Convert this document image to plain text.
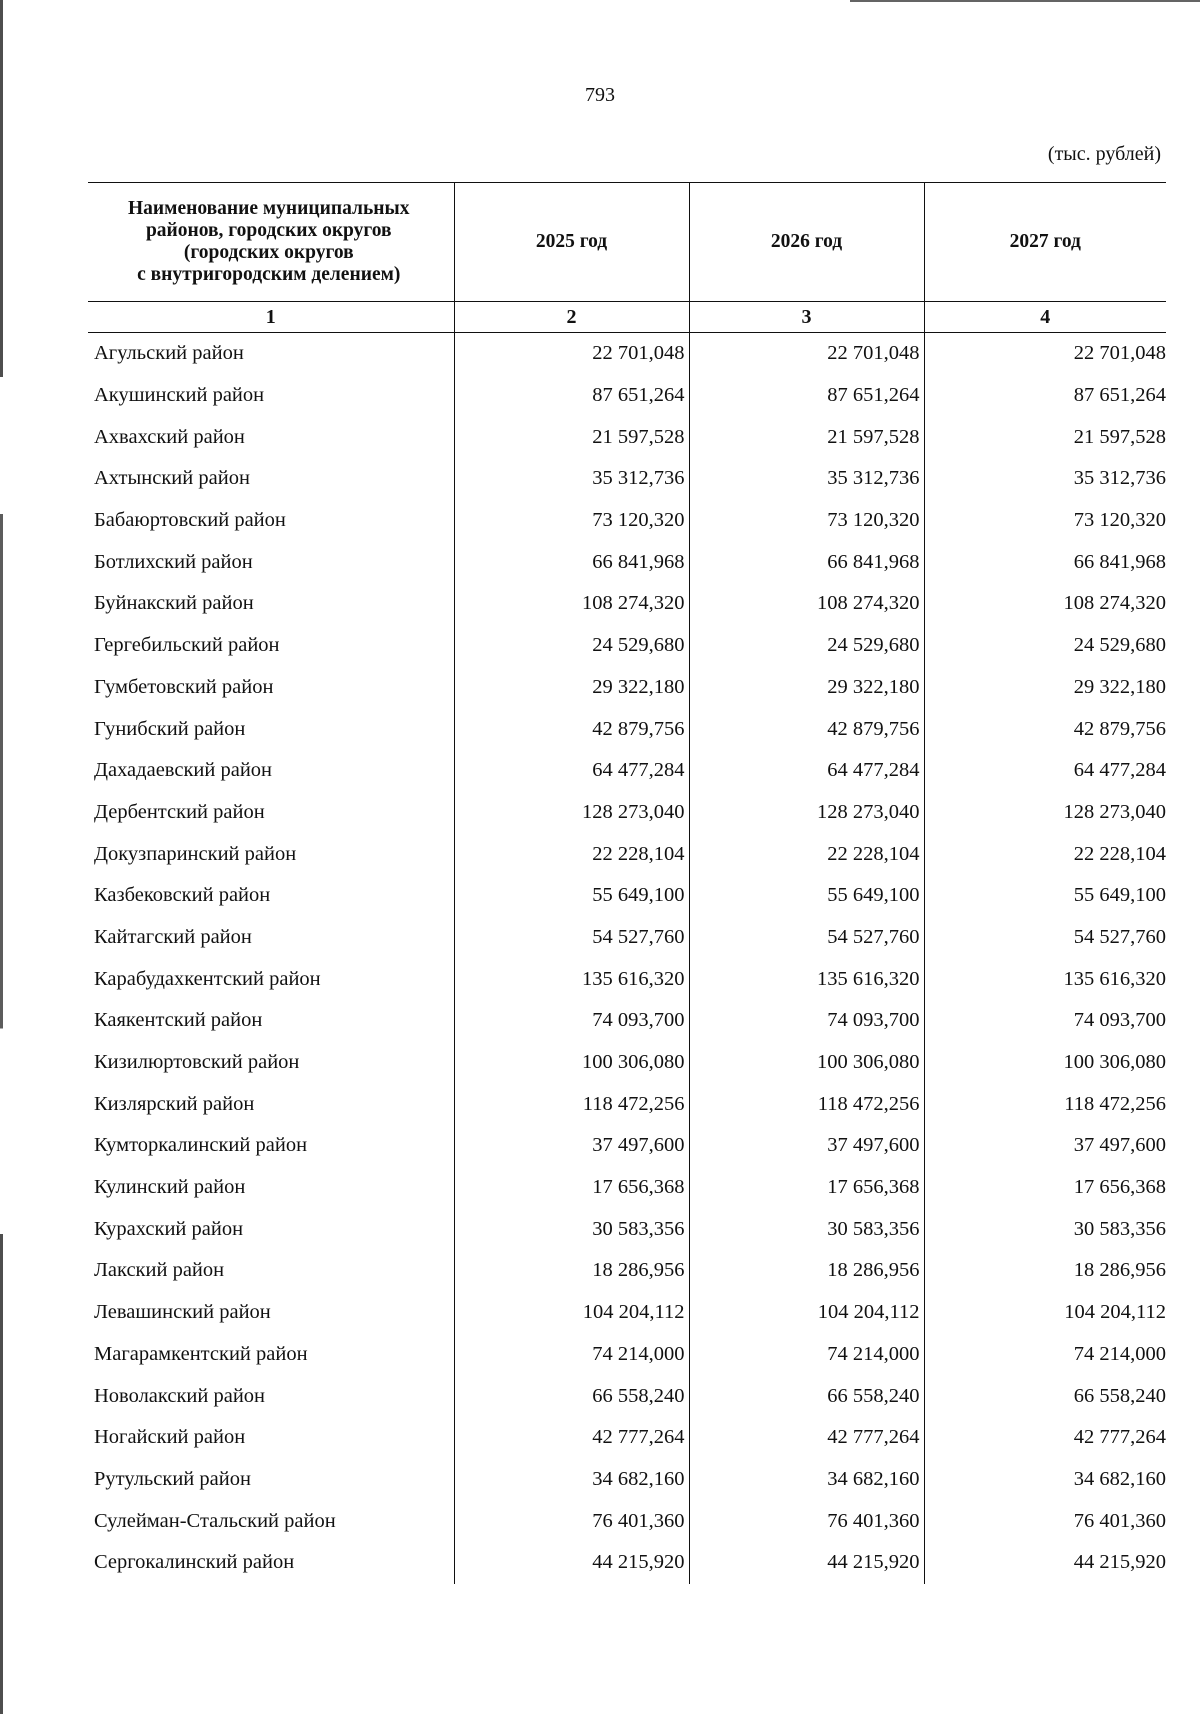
793
(тыс. рублей)
Наименование муниципальных
районов, городских округов
(городских округов
с внутригородским делением)	2025 год	2026 год	2027 год
1	2	3	4
Агульский район	22 701,048	22 701,048	22 701,048
Акушинский район	87 651,264	87 651,264	87 651,264
Ахвахский район	21 597,528	21 597,528	21 597,528
Ахтынский район	35 312,736	35 312,736	35 312,736
Бабаюртовский район	73 120,320	73 120,320	73 120,320
Ботлихский район	66 841,968	66 841,968	66 841,968
Буйнакский район	108 274,320	108 274,320	108 274,320
Гергебильский район	24 529,680	24 529,680	24 529,680
Гумбетовский район	29 322,180	29 322,180	29 322,180
Гунибский район	42 879,756	42 879,756	42 879,756
Дахадаевский район	64 477,284	64 477,284	64 477,284
Дербентский район	128 273,040	128 273,040	128 273,040
Докузпаринский район	22 228,104	22 228,104	22 228,104
Казбековский район	55 649,100	55 649,100	55 649,100
Кайтагский район	54 527,760	54 527,760	54 527,760
Карабудахкентский район	135 616,320	135 616,320	135 616,320
Каякентский район	74 093,700	74 093,700	74 093,700
Кизилюртовский район	100 306,080	100 306,080	100 306,080
Кизлярский район	118 472,256	118 472,256	118 472,256
Кумторкалинский район	37 497,600	37 497,600	37 497,600
Кулинский район	17 656,368	17 656,368	17 656,368
Курахский район	30 583,356	30 583,356	30 583,356
Лакский район	18 286,956	18 286,956	18 286,956
Левашинский район	104 204,112	104 204,112	104 204,112
Магарамкентский район	74 214,000	74 214,000	74 214,000
Новолакский район	66 558,240	66 558,240	66 558,240
Ногайский район	42 777,264	42 777,264	42 777,264
Рутульский район	34 682,160	34 682,160	34 682,160
Сулейман-Стальский район	76 401,360	76 401,360	76 401,360
Сергокалинский район	44 215,920	44 215,920	44 215,920
